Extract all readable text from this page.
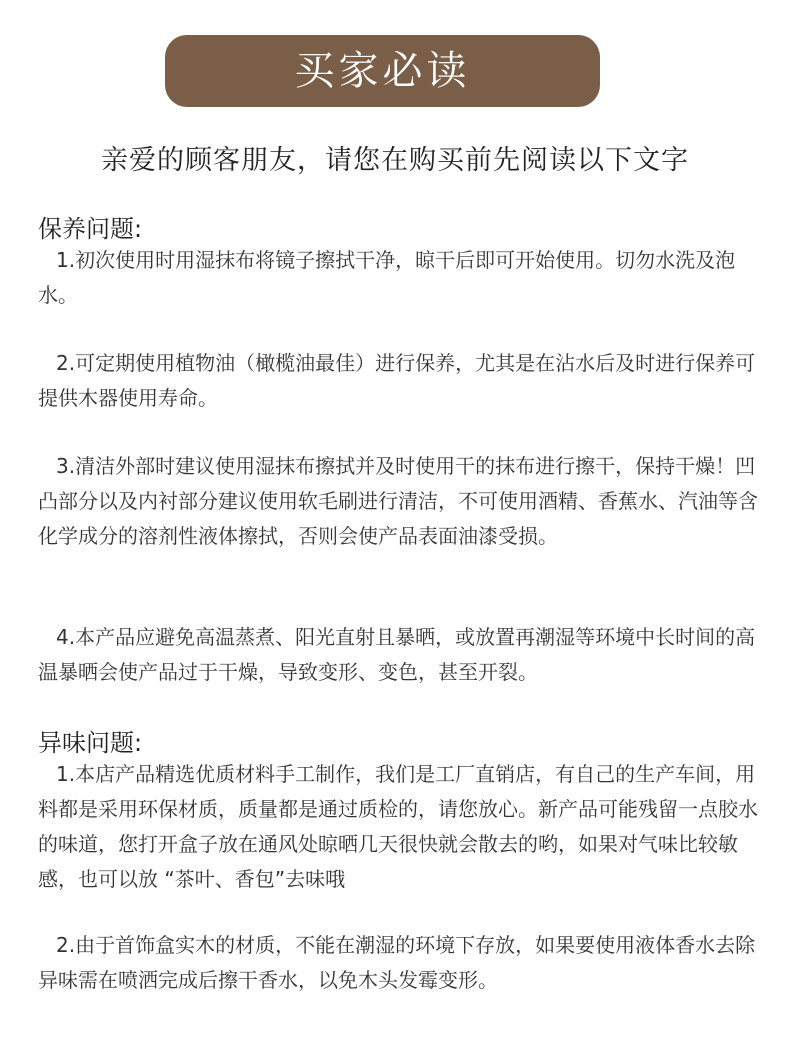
买家必读
亲爱的顾客朋友，请您在购买前先阅读以下文字
保养问题:

1.初次使用时用湿抹布将镜子擦拭干净，晾干后即可开始使用。切勿水洗及泡水。

2.可定期使用植物油（橄榄油最佳）进行保养，尤其是在沾水后及时进行保养可提供木器使用寿命。

3.清洁外部时建议使用湿抹布擦拭并及时使用干的抹布进行擦干，保持干燥！凹凸部分以及内衬部分建议使用软毛刷进行清洁，不可使用酒精、香蕉水、汽油等含化学成分的溶剂性液体擦拭，否则会使产品表面油漆受损。

4.本产品应避免高温蒸煮、阳光直射且暴晒，或放置再潮湿等环境中长时间的高温暴晒会使产品过于干燥，导致变形、变色，甚至开裂。

异味问题:

1.本店产品精选优质材料手工制作，我们是工厂直销店，有自己的生产车间，用料都是采用环保材质，质量都是通过质检的，请您放心。新产品可能残留一点胶水的味道，您打开盒子放在通风处晾晒几天很快就会散去的哟，如果对气味比较敏感，也可以放 “茶叶、香包”去味哦

2.由于首饰盒实木的材质，不能在潮湿的环境下存放，如果要使用液体香水去除异味需在喷洒完成后擦干香水，以免木头发霉变形。
